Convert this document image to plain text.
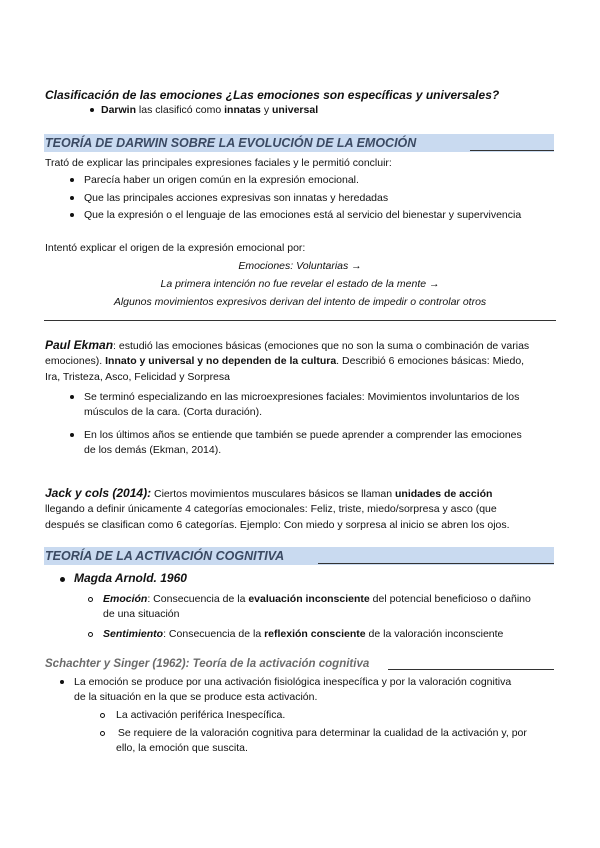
Clasificación de las emociones ¿Las emociones son específicas y universales?
Darwin las clasificó como innatas y universal
TEORÍA DE DARWIN SOBRE LA EVOLUCIÓN DE LA EMOCIÓN
Trató de explicar las principales expresiones faciales y le permitió concluir:
Parecía haber un origen común en la expresión emocional.
Que las principales acciones expresivas son innatas y heredadas
Que la expresión o el lenguaje de las emociones está al servicio del bienestar y supervivencia
Intentó explicar el origen de la expresión emocional por:
Emociones: Voluntarias →
La primera intención no fue revelar el estado de la mente →
Algunos movimientos expresivos derivan del intento de impedir o controlar otros
Paul Ekman: estudió las emociones básicas (emociones que no son la suma o combinación de varias
emociones). Innato y universal y no dependen de la cultura. Describió 6 emociones básicas: Miedo,
Ira, Tristeza, Asco, Felicidad y Sorpresa
Se terminó especializando en las microexpresiones faciales: Movimientos involuntarios de los
músculos de la cara. (Corta duración).
En los últimos años se entiende que también se puede aprender a comprender las emociones
de los demás (Ekman, 2014).
Jack y cols (2014): Ciertos movimientos musculares básicos se llaman unidades de acción
llegando a definir únicamente 4 categorías emocionales: Feliz, triste, miedo/sorpresa y asco (que
después se clasifican como 6 categorías. Ejemplo: Con miedo y sorpresa al inicio se abren los ojos.
TEORÍA DE LA ACTIVACIÓN COGNITIVA
Magda Arnold. 1960
Emoción: Consecuencia de la evaluación inconsciente del potencial beneficioso o dañino
de una situación
Sentimiento: Consecuencia de la reflexión consciente de la valoración inconsciente
Schachter y Singer (1962): Teoría de la activación cognitiva
La emoción se produce por una activación fisiológica inespecífica y por la valoración cognitiva
de la situación en la que se produce esta activación.
La activación periférica Inespecífica.
Se requiere de la valoración cognitiva para determinar la cualidad de la activación y, por
ello, la emoción que suscita.
